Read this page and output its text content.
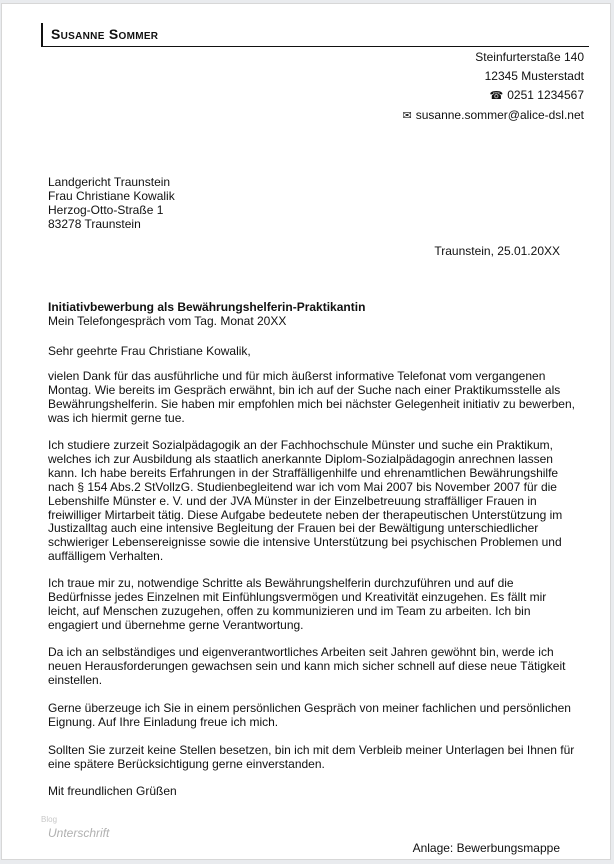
Susanne Sommer
Steinfurterstaße 140
12345 Musterstadt
☎ 0251 1234567
✉ susanne.sommer@alice-dsl.net
Landgericht Traunstein
Frau Christiane Kowalik
Herzog-Otto-Straße 1
83278 Traunstein
Traunstein, 25.01.20XX
Initiativbewerbung als Bewährungshelferin-Praktikantin
Mein Telefongespräch vom Tag. Monat 20XX
Sehr geehrte Frau Christiane Kowalik,
vielen Dank für das ausführliche und für mich äußerst informative Telefonat vom vergangenen Montag. Wie bereits im Gespräch erwähnt, bin ich auf der Suche nach einer Praktikumsstelle als Bewährungshelferin. Sie haben mir empfohlen mich bei nächster Gelegenheit initiativ zu bewerben, was ich hiermit gerne tue.
Ich studiere zurzeit Sozialpädagogik an der Fachhochschule Münster und suche ein Praktikum, welches ich zur Ausbildung als staatlich anerkannte Diplom-Sozialpädagogin anrechnen lassen kann. Ich habe bereits Erfahrungen in der Straffälligenhilfe und ehrenamtlichen Bewährungshilfe nach § 154 Abs.2 StVollzG. Studienbegleitend war ich vom Mai 2007 bis November 2007 für die Lebenshilfe Münster e. V. und der JVA Münster in der Einzelbetreuung straffälliger Frauen in freiwilliger Mirtarbeit tätig. Diese Aufgabe bedeutete neben der therapeutischen Unterstützung im Justizalltag auch eine intensive Begleitung der Frauen bei der Bewältigung unterschiedlicher schwieriger Lebensereignisse sowie die intensive Unterstützung bei psychischen Problemen und auffälligem Verhalten.
Ich traue mir zu, notwendige Schritte als Bewährungshelferin durchzuführen und auf die Bedürfnisse jedes Einzelnen mit Einfühlungsvermögen und Kreativität einzugehen. Es fällt mir leicht, auf Menschen zuzugehen, offen zu kommunizieren und im Team zu arbeiten. Ich bin engagiert und übernehme gerne Verantwortung.
Da ich an selbständiges und eigenverantwortliches Arbeiten seit Jahren gewöhnt bin, werde ich neuen Herausforderungen gewachsen sein und kann mich sicher schnell auf diese neue Tätigkeit einstellen.
Gerne überzeuge ich Sie in einem persönlichen Gespräch von meiner fachlichen und persönlichen Eignung. Auf Ihre Einladung freue ich mich.
Sollten Sie zurzeit keine Stellen besetzen, bin ich mit dem Verbleib meiner Unterlagen bei Ihnen für eine spätere Berücksichtigung gerne einverstanden.
Mit freundlichen Grüßen
Blog
Unterschrift
Anlage: Bewerbungsmappe
